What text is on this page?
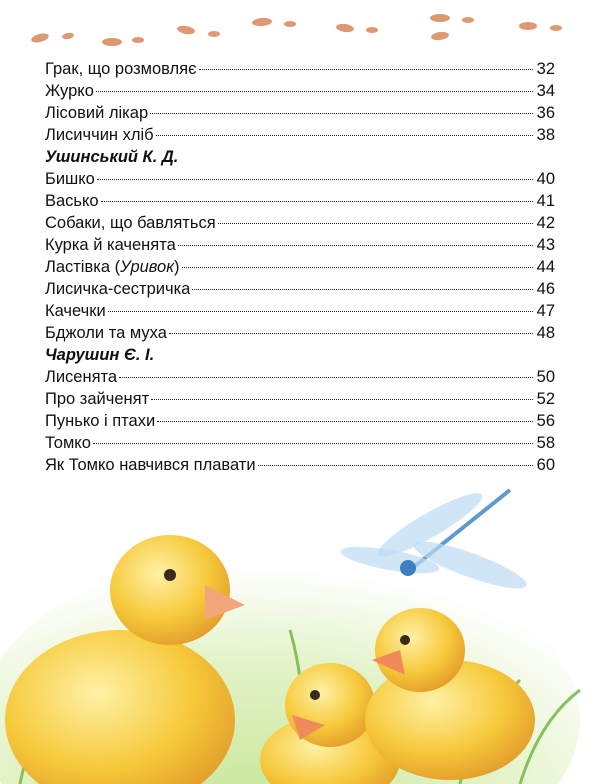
Грак, що розмовляє	32
Журко	34
Лісовий лікар	36
Лисиччин хліб	38
Ушинський К. Д.
Бишко	40
Васько	41
Собаки, що бавляться	42
Курка й каченята	43
Ластівка (Уривок)	44
Лисичка-сестричка	46
Качечки	47
Бджоли та муха	48
Чарушин Є. І.
Лисенята	50
Про зайченят	52
Пунько і птахи	56
Томко	58
Як Томко навчився плавати	60
